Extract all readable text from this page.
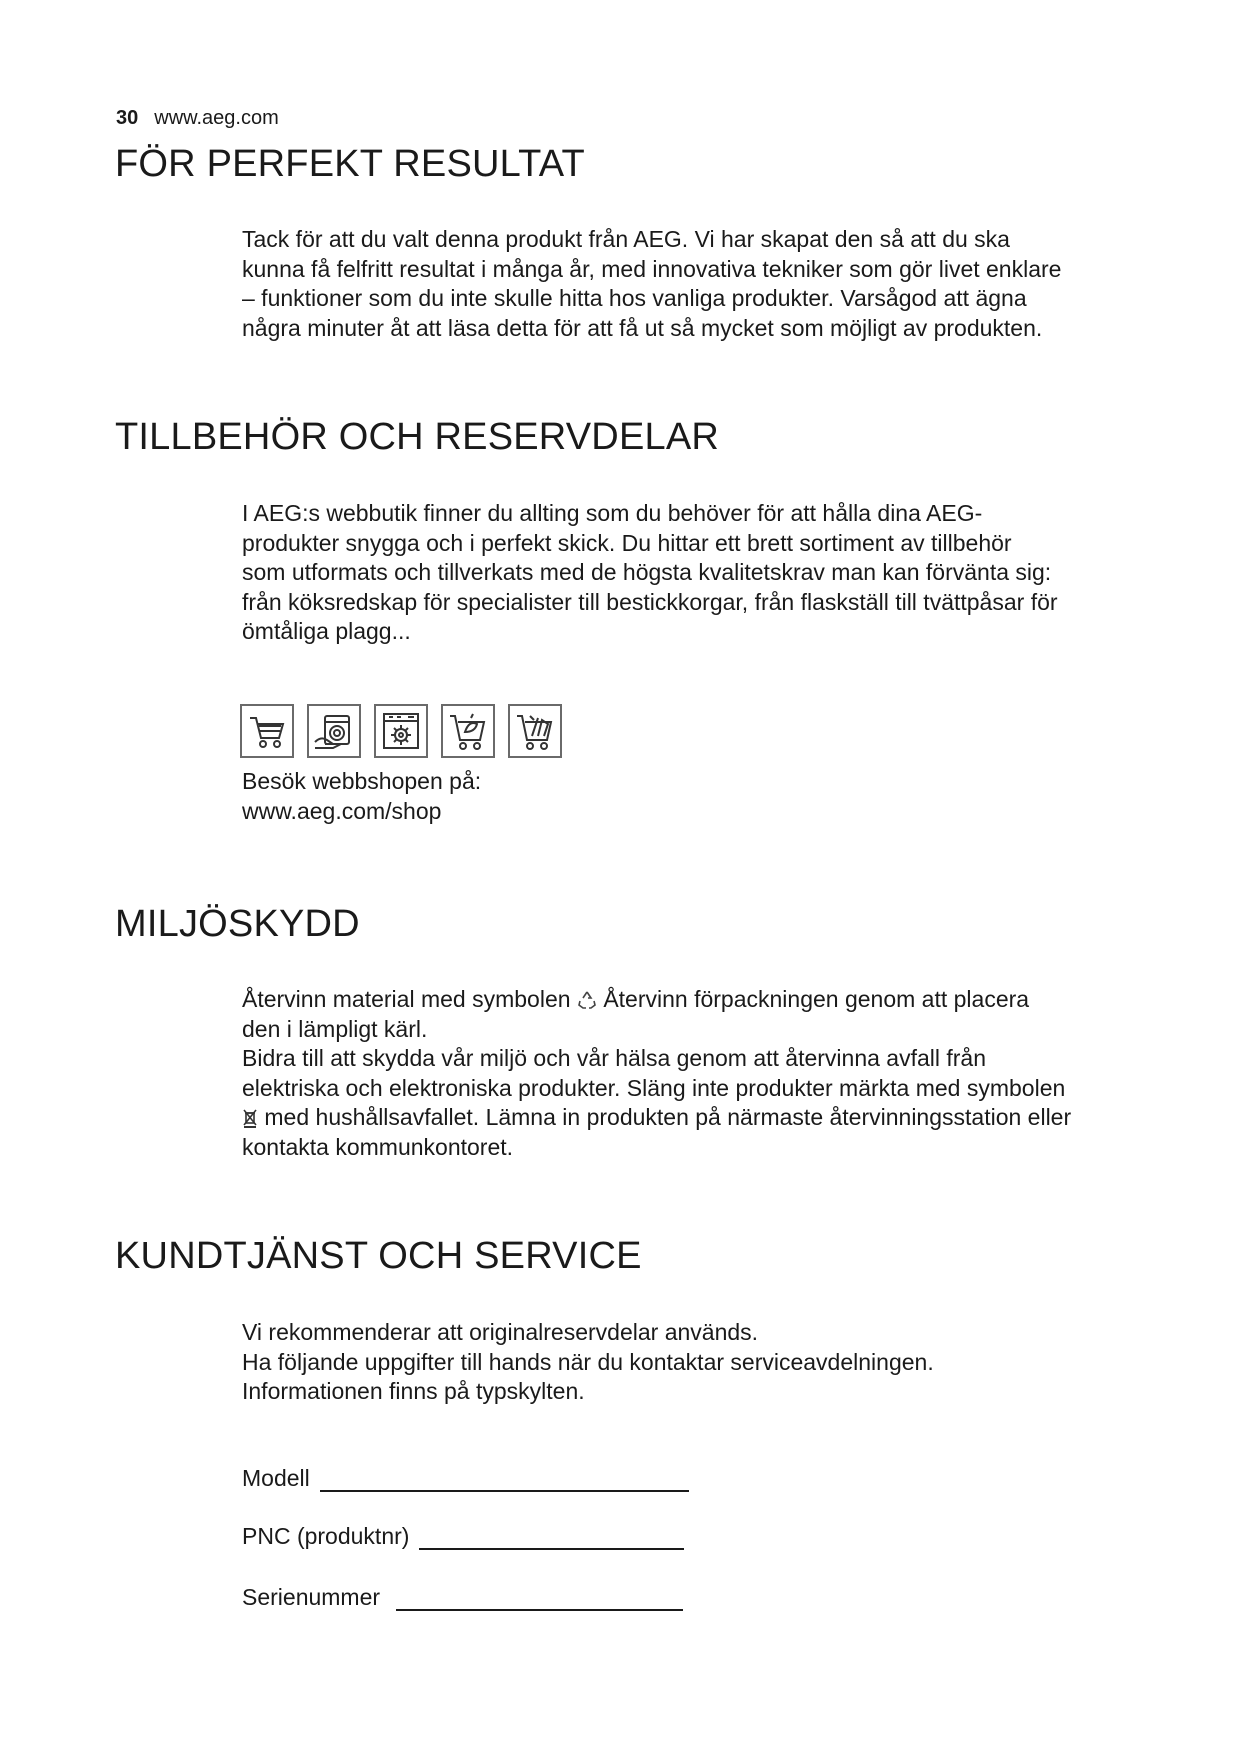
30 www.aeg.com
FÖR PERFEKT RESULTAT

Tack för att du valt denna produkt från AEG. Vi har skapat den så att du ska

kunna få felfritt resultat i många år, med innovativa tekniker som gör livet enklare

– funktioner som du inte skulle hitta hos vanliga produkter. Varsågod att ägna

några minuter åt att läsa detta för att få ut så mycket som möjligt av produkten.

TILLBEHÖR OCH RESERVDELAR

I AEG:s webbutik finner du allting som du behöver för att hålla dina AEG-

produkter snygga och i perfekt skick. Du hittar ett brett sortiment av tillbehör

som utformats och tillverkats med de högsta kvalitetskrav man kan förvänta sig:

från köksredskap för specialister till bestickkorgar, från flaskställ till tvättpåsar för

ömtåliga plagg...

Besök webbshopen på:

www.aeg.com/shop

MILJÖSKYDD

Återvinn material med symbolen Återvinn förpackningen genom att placera

den i lämpligt kärl.

Bidra till att skydda vår miljö och vår hälsa genom att återvinna avfall från

elektriska och elektroniska produkter. Släng inte produkter märkta med symbolen

med hushållsavfallet. Lämna in produkten på närmaste återvinningsstation eller

kontakta kommunkontoret.

KUNDTJÄNST OCH SERVICE

Vi rekommenderar att originalreservdelar används.

Ha följande uppgifter till hands när du kontaktar serviceavdelningen.

Informationen finns på typskylten.

Modell
PNC (produktnr)
Serienummer
